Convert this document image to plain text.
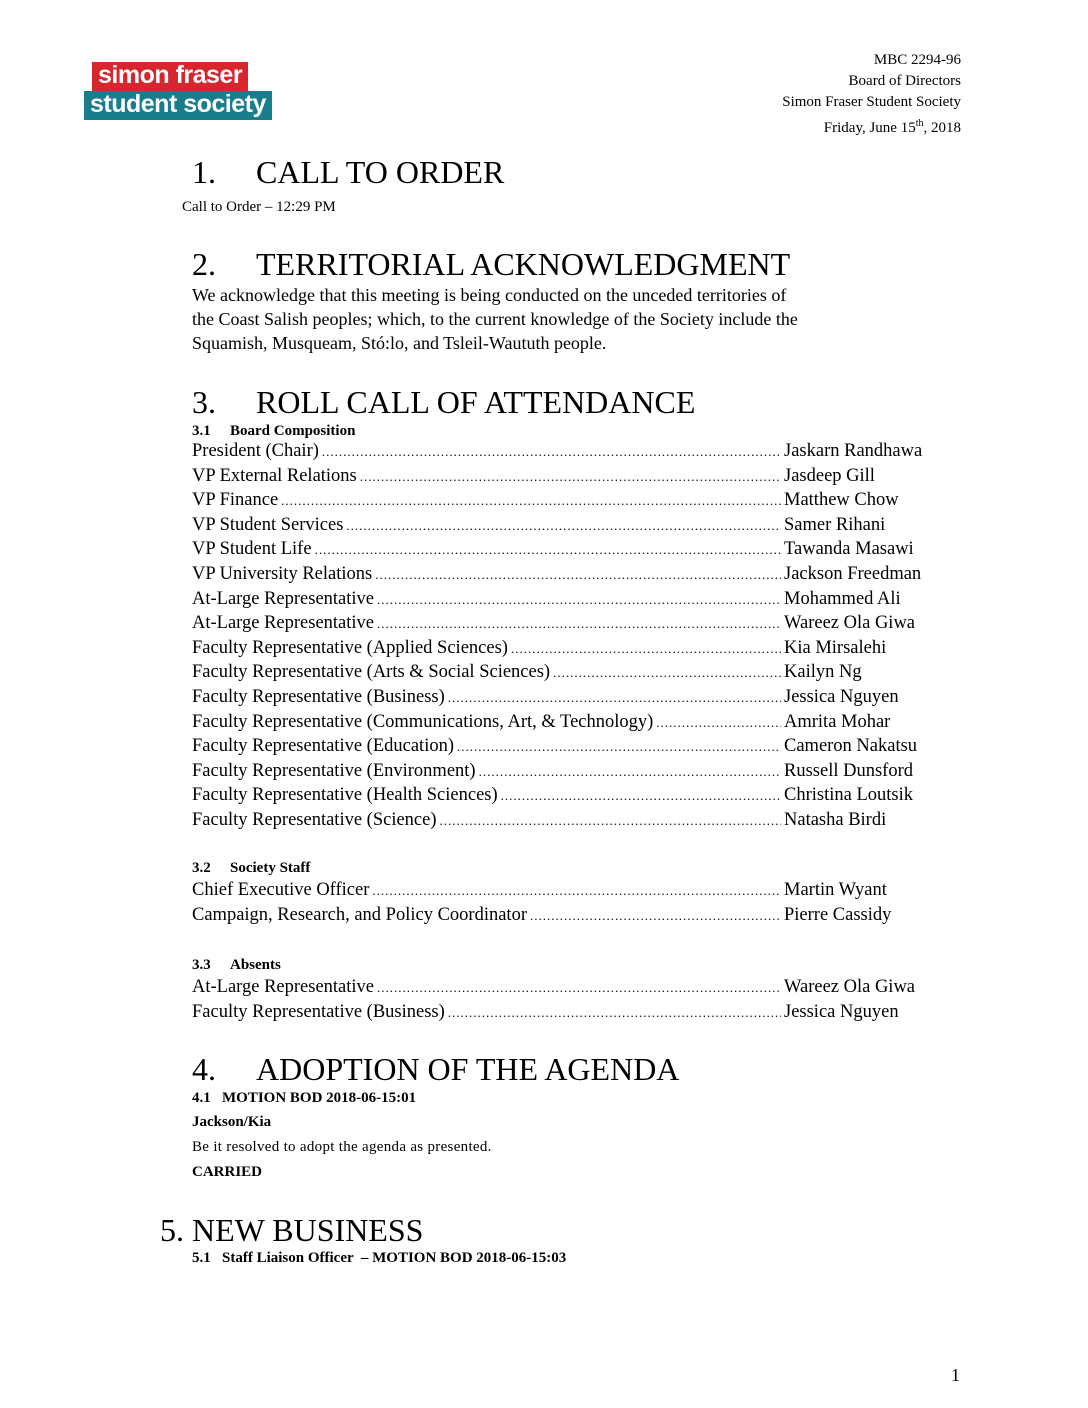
simon fraser
student society
MBC 2294-96
Board of Directors
Simon Fraser Student Society
Friday, June 15th, 2018
1. CALL TO ORDER
Call to Order – 12:29 PM
2. TERRITORIAL ACKNOWLEDGMENT
We acknowledge that this meeting is being conducted on the unceded territories of
the Coast Salish peoples; which, to the current knowledge of the Society include the
Squamish, Musqueam, Stó:lo, and Tsleil-Waututh people.
3. ROLL CALL OF ATTENDANCE
3.1 Board Composition
President (Chair) .....	Jaskarn Randhawa
VP External Relations .....	Jasdeep Gill
VP Finance .....	Matthew Chow
VP Student Services .....	Samer Rihani
VP Student Life .....	Tawanda Masawi
VP University Relations .....	Jackson Freedman
At-Large Representative .....	Mohammed Ali
At-Large Representative .....	Wareez Ola Giwa
Faculty Representative (Applied Sciences) .....	Kia Mirsalehi
Faculty Representative (Arts & Social Sciences) .....	Kailyn Ng
Faculty Representative (Business) .....	Jessica Nguyen
Faculty Representative (Communications, Art, & Technology) .....	Amrita Mohar
Faculty Representative (Education) .....	Cameron Nakatsu
Faculty Representative (Environment) .....	Russell Dunsford
Faculty Representative (Health Sciences) .....	Christina Loutsik
Faculty Representative (Science) .....	Natasha Birdi
3.2 Society Staff
Chief Executive Officer .....	Martin Wyant
Campaign, Research, and Policy Coordinator .....	Pierre Cassidy
3.3 Absents
At-Large Representative .....	Wareez Ola Giwa
Faculty Representative (Business) .....	Jessica Nguyen
4. ADOPTION OF THE AGENDA
4.1   MOTION BOD 2018-06-15:01
Jackson/Kia
Be it resolved to adopt the agenda as presented.
CARRIED
5. NEW BUSINESS
5.1   Staff Liaison Officer  – MOTION BOD 2018-06-15:03
1
